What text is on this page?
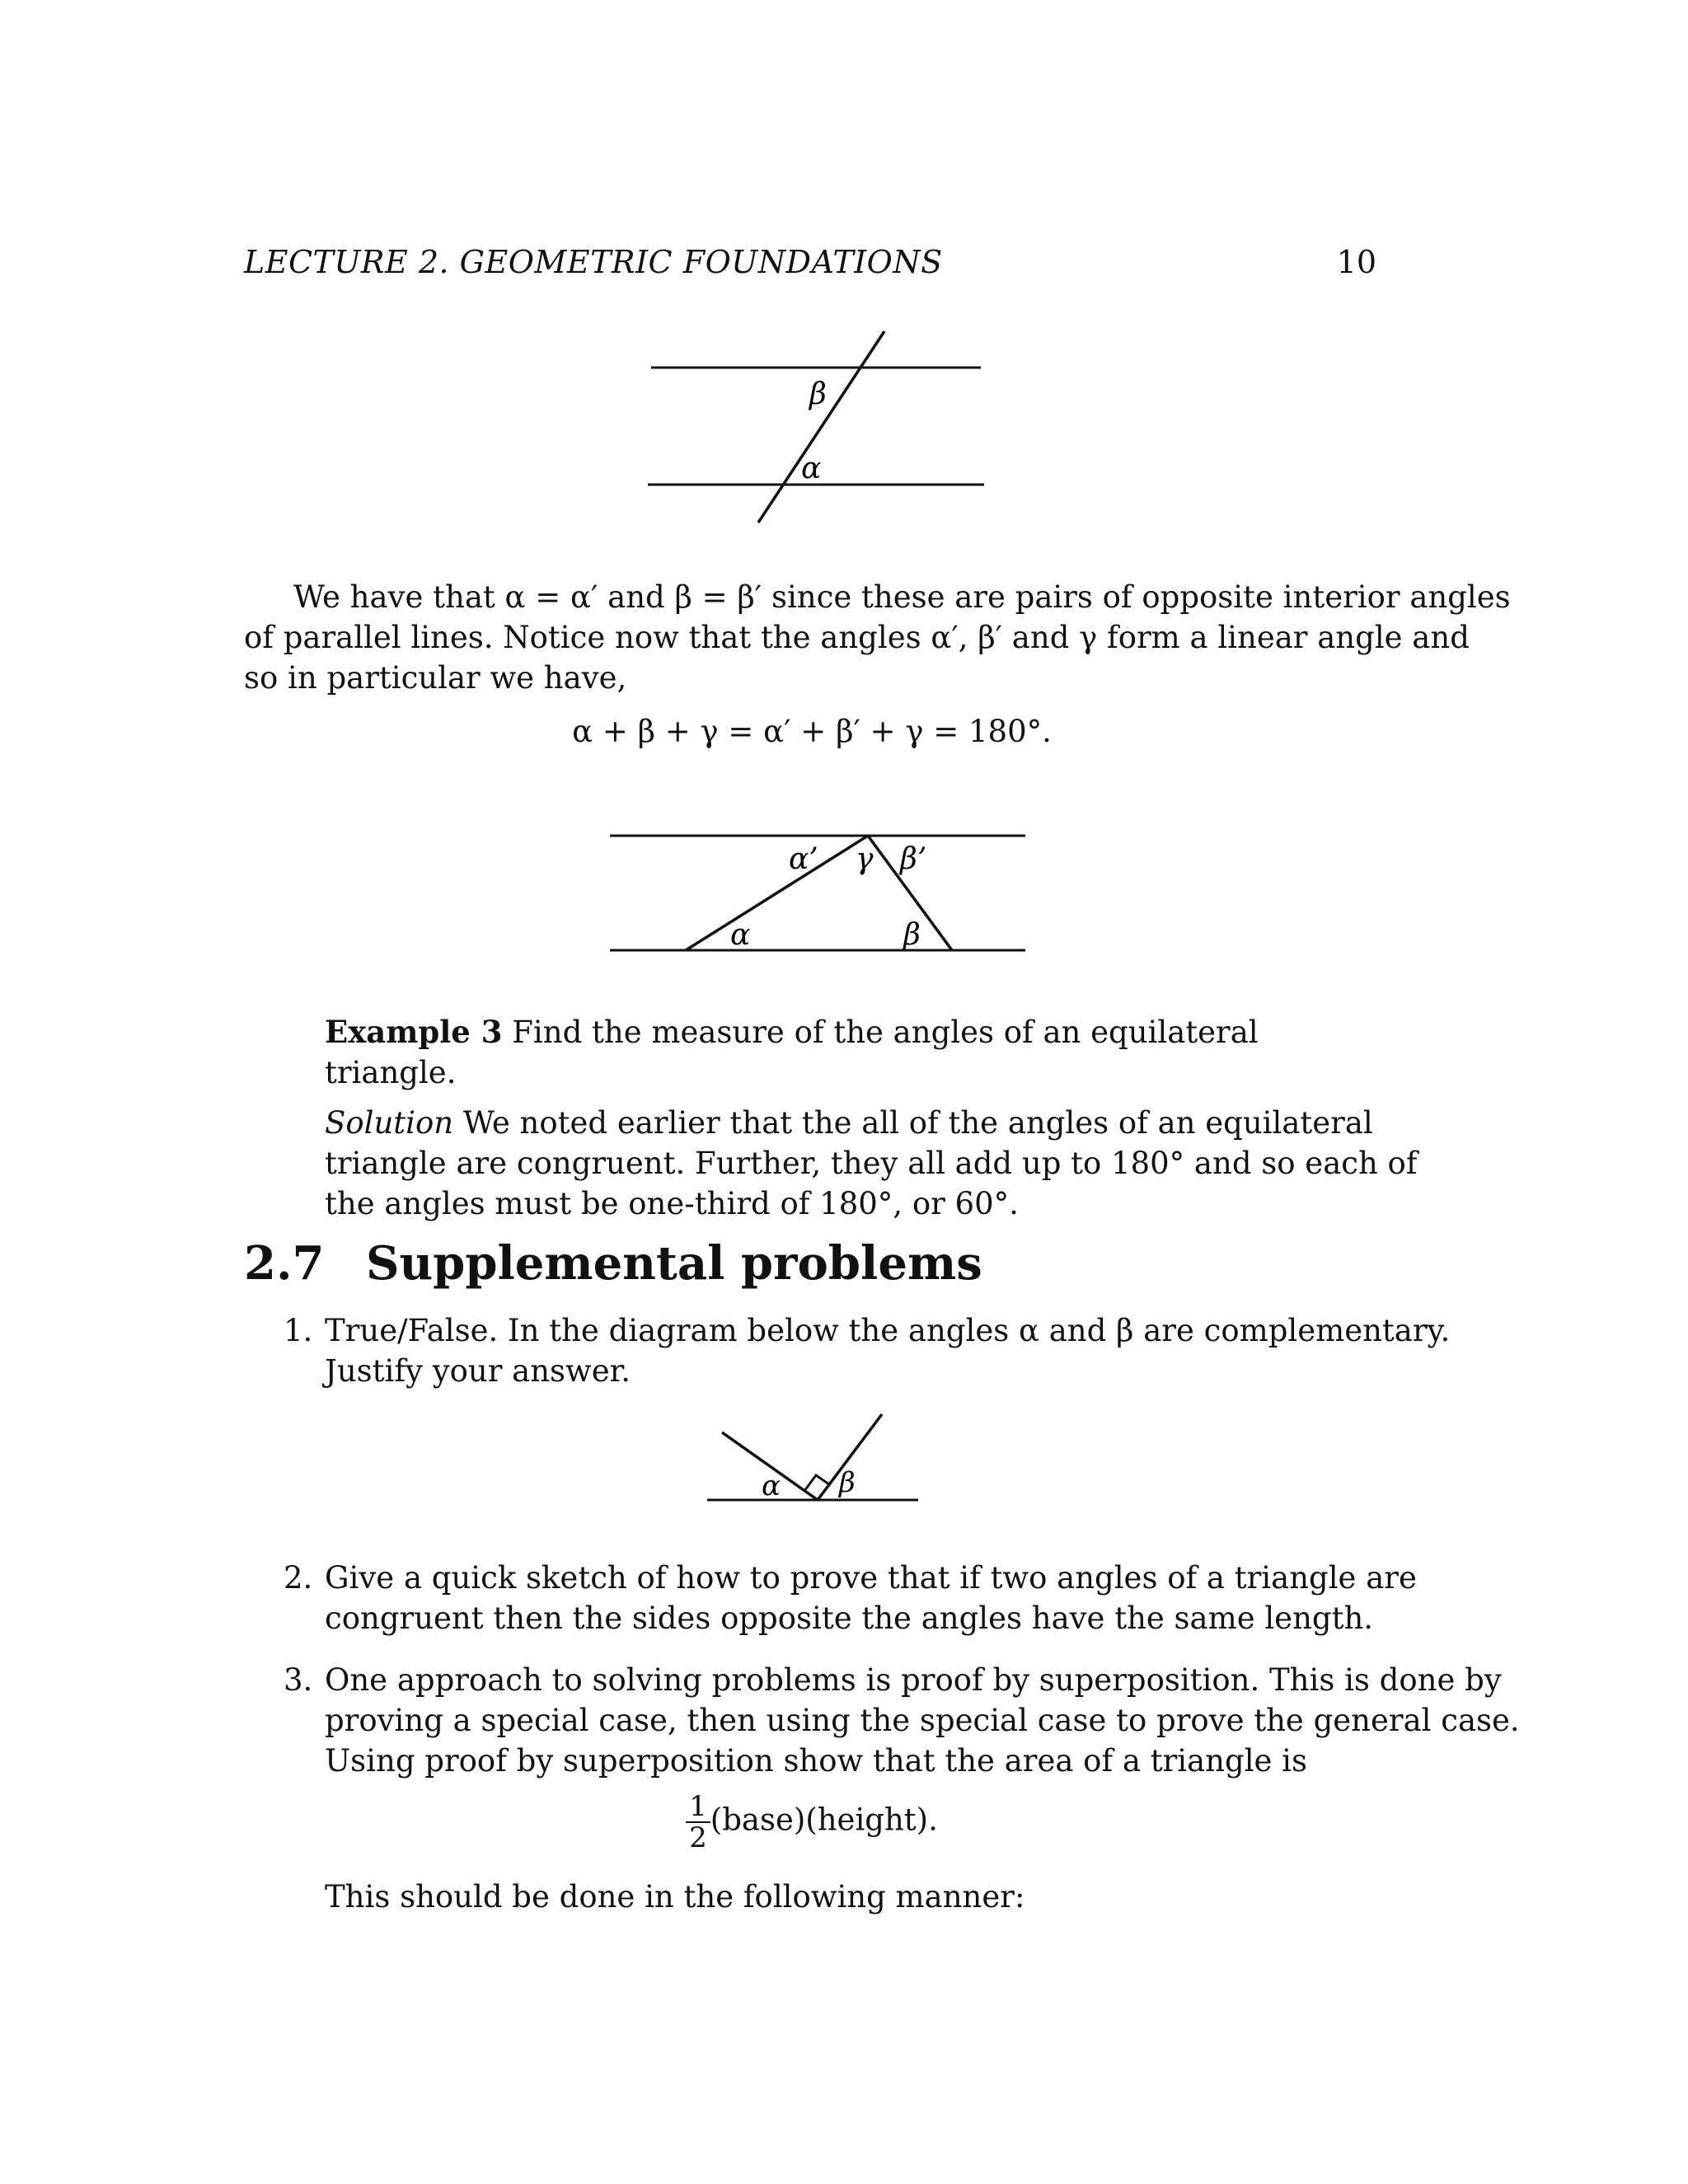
LECTURE 2. GEOMETRIC FOUNDATIONS	10
β
α
We have that α = α′ and β = β′ since these are pairs of opposite interior angles
of parallel lines. Notice now that the angles α′, β′ and γ form a linear angle and
so in particular we have,
α + β + γ = α′ + β′ + γ = 180°.
α’ γ β’
α	β
Example 3 Find the measure of the angles of an equilateral triangle.
Solution We noted earlier that the all of the angles of an equilateral
triangle are congruent. Further, they all add up to 180° and so each of
the angles must be one-third of 180°, or 60°.
2.7 Supplemental problems
1. True/False. In the diagram below the angles α and β are complementary.
Justify your answer.
α β
2. Give a quick sketch of how to prove that if two angles of a triangle are
congruent then the sides opposite the angles have the same length.
3. One approach to solving problems is proof by superposition. This is done by
proving a special case, then using the special case to prove the general case.
Using proof by superposition show that the area of a triangle is
$\frac{1}{2}$ (base)(height).
This should be done in the following manner:
